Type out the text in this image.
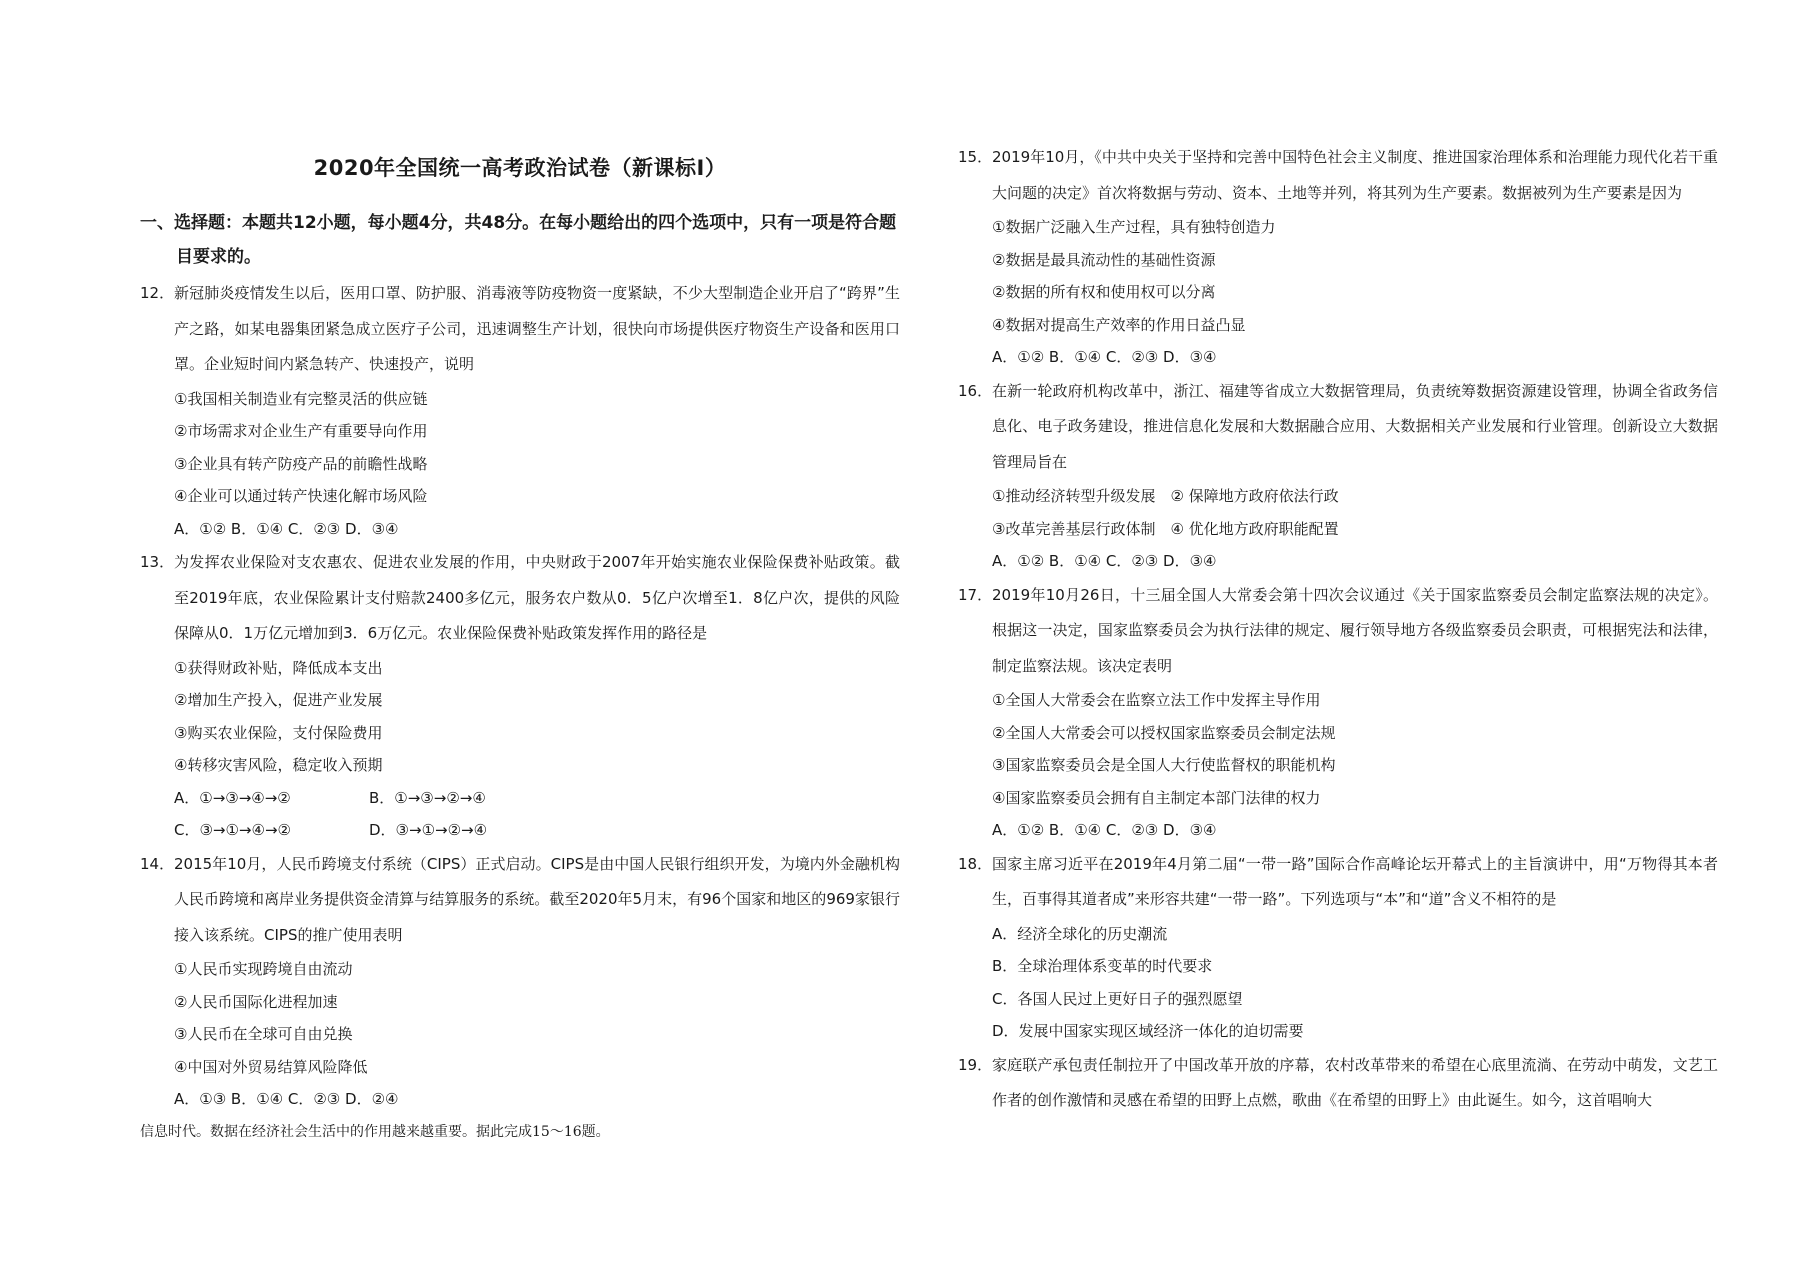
2020年全国统一高考政治试卷（新课标Ⅰ）
一、选择题：本题共12小题，每小题4分，共48分。在每小题给出的四个选项中，只有一项是符合题目要求的。
12． 新冠肺炎疫情发生以后，医用口罩、防护服、消毒液等防疫物资一度紧缺，不少大型制造企业开启了“跨界”生产之路，如某电器集团紧急成立医疗子公司，迅速调整生产计划，很快向市场提供医疗物资生产设备和医用口罩。企业短时间内紧急转产、快速投产，说明
①我国相关制造业有完整灵活的供应链
②市场需求对企业生产有重要导向作用
③企业具有转产防疫产品的前瞻性战略
④企业可以通过转产快速化解市场风险
A．①② B．①④ C．②③ D．③④
13． 为发挥农业保险对支农惠农、促进农业发展的作用，中央财政于2007年开始实施农业保险保费补贴政策。截至2019年底，农业保险累计支付赔款2400多亿元，服务农户数从0．5亿户次增至1．8亿户次，提供的风险保障从0．1万亿元增加到3．6万亿元。农业保险保费补贴政策发挥作用的路径是
①获得财政补贴，降低成本支出
②增加生产投入，促进产业发展
③购买农业保险，支付保险费用
④转移灾害风险，稳定收入预期
A．①→③→④→②	B．①→③→②→④
C．③→①→④→②	D．③→①→②→④
14． 2015年10月，人民币跨境支付系统（CIPS）正式启动。CIPS是由中国人民银行组织开发，为境内外金融机构人民币跨境和离岸业务提供资金清算与结算服务的系统。截至2020年5月末，有96个国家和地区的969家银行接入该系统。CIPS的推广使用表明
①人民币实现跨境自由流动
②人民币国际化进程加速
③人民币在全球可自由兑换
④中国对外贸易结算风险降低
A．①③ B．①④ C．②③ D．②④
信息时代。数据在经济社会生活中的作用越来越重要。据此完成15～16题。
15． 2019年10月，《中共中央关于坚持和完善中国特色社会主义制度、推进国家治理体系和治理能力现代化若干重大问题的决定》首次将数据与劳动、资本、土地等并列，将其列为生产要素。数据被列为生产要素是因为
①数据广泛融入生产过程，具有独特创造力
②数据是最具流动性的基础性资源
②数据的所有权和使用权可以分离
④数据对提高生产效率的作用日益凸显
A．①② B．①④ C．②③ D．③④
16． 在新一轮政府机构改革中，浙江、福建等省成立大数据管理局，负责统筹数据资源建设管理，协调全省政务信息化、电子政务建设，推进信息化发展和大数据融合应用、大数据相关产业发展和行业管理。创新设立大数据管理局旨在
①推动经济转型升级发展　② 保障地方政府依法行政
③改革完善基层行政体制　④ 优化地方政府职能配置
A．①② B．①④ C．②③ D．③④
17． 2019年10月26日，十三届全国人大常委会第十四次会议通过《关于国家监察委员会制定监察法规的决定》。根据这一决定，国家监察委员会为执行法律的规定、履行领导地方各级监察委员会职责，可根据宪法和法律，制定监察法规。该决定表明
①全国人大常委会在监察立法工作中发挥主导作用
②全国人大常委会可以授权国家监察委员会制定法规
③国家监察委员会是全国人大行使监督权的职能机构
④国家监察委员会拥有自主制定本部门法律的权力
A．①② B．①④ C．②③ D．③④
18． 国家主席习近平在2019年4月第二届“一带一路”国际合作高峰论坛开幕式上的主旨演讲中，用“万物得其本者生，百事得其道者成”来形容共建“一带一路”。下列选项与“本”和“道”含义不相符的是
A．经济全球化的历史潮流
B．全球治理体系变革的时代要求
C．各国人民过上更好日子的强烈愿望
D．发展中国家实现区域经济一体化的迫切需要
19． 家庭联产承包责任制拉开了中国改革开放的序幕，农村改革带来的希望在心底里流淌、在劳动中萌发，文艺工作者的创作激情和灵感在希望的田野上点燃，歌曲《在希望的田野上》由此诞生。如今，这首唱响大
